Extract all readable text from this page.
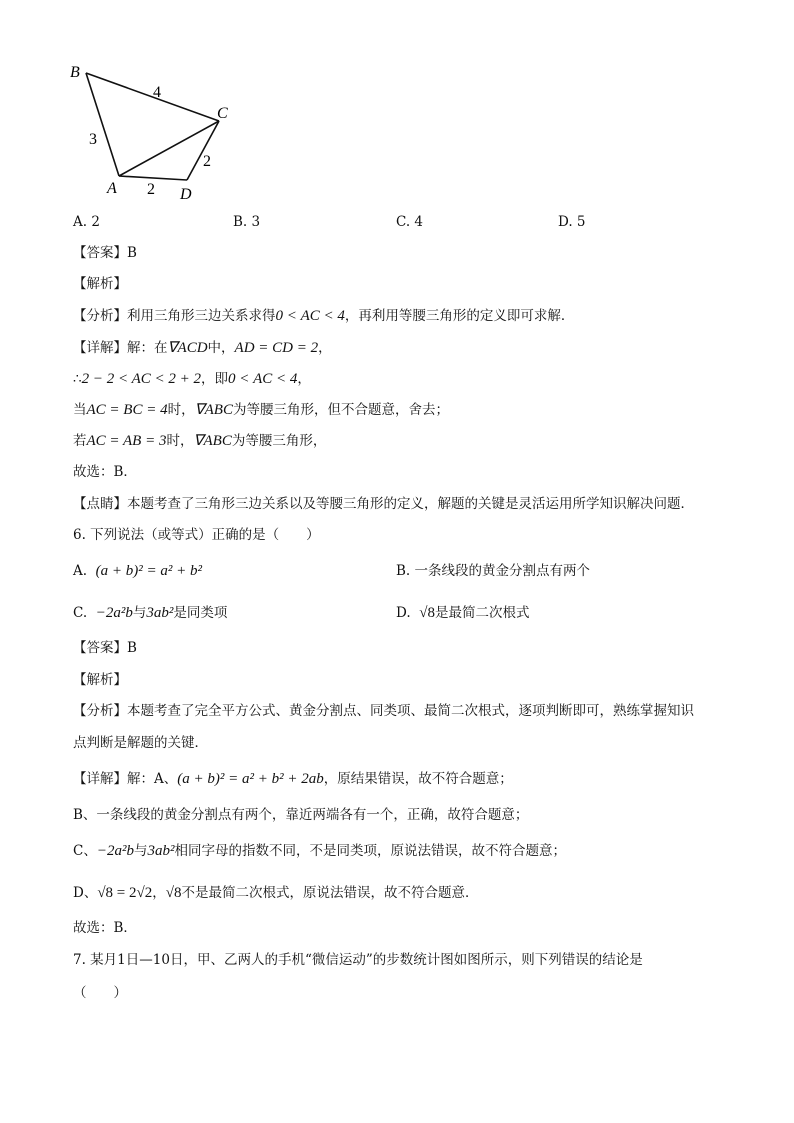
B
C
A	D
4
3
2
2
A. 2	B. 3	C. 4	D. 5
【答案】B
【解析】
【分析】利用三角形三边关系求得0 < AC < 4，再利用等腰三角形的定义即可求解．
【详解】解：在∇ACD中，AD = CD = 2，
∴2 − 2 < AC < 2 + 2，即0 < AC < 4，
当AC = BC = 4时，∇ABC为等腰三角形，但不合题意，舍去；
若AC = AB = 3时，∇ABC为等腰三角形，
故选：B．
【点睛】本题考查了三角形三边关系以及等腰三角形的定义，解题的关键是灵活运用所学知识解决问题．
6. 下列说法（或等式）正确的是（　　）
A. (a + b)² = a² + b²	B. 一条线段的黄金分割点有两个
C. −2a²b与3ab²是同类项	D. √8是最简二次根式
【答案】B
【解析】
【分析】本题考查了完全平方公式、黄金分割点、同类项、最简二次根式，逐项判断即可，熟练掌握知识
点判断是解题的关键．
【详解】解：A、(a + b)² = a² + b² + 2ab，原结果错误，故不符合题意；
B、一条线段的黄金分割点有两个，靠近两端各有一个，正确，故符合题意；
C、−2a²b与3ab²相同字母的指数不同，不是同类项，原说法错误，故不符合题意；
D、√8 = 2√2，√8不是最简二次根式，原说法错误，故不符合题意．
故选：B．
7. 某月1日—10日，甲、乙两人的手机“微信运动”的步数统计图如图所示，则下列错误的结论是
（　　）
